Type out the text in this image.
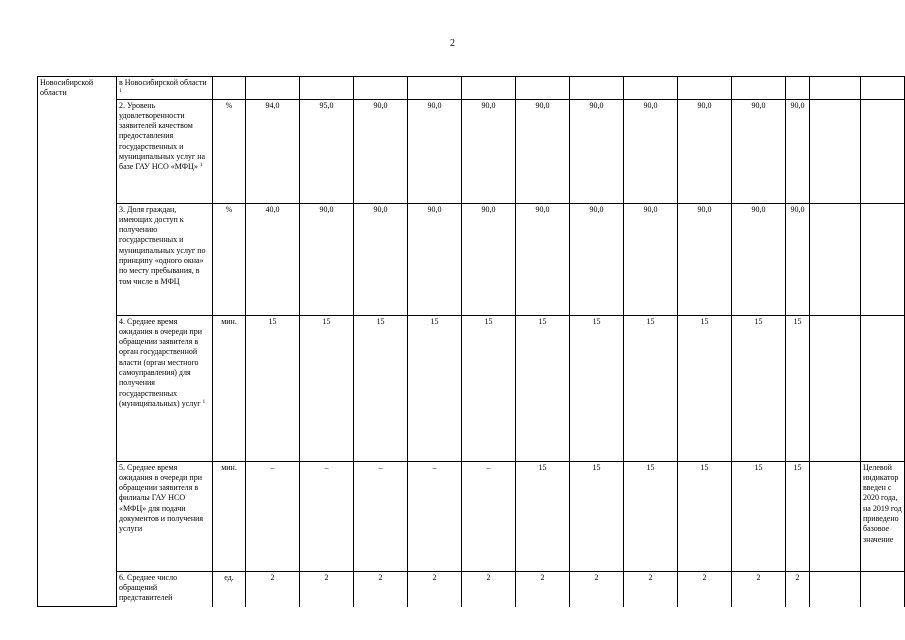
2
Новосибирской области	в Новосибирской области $^1$														
	2. Уровень удовлетворенности заявителей качеством предоставления государственных и муниципальных услуг на базе ГАУ НСО «МФЦ» $^1$	%	94,0	95,0	90,0	90,0	90,0	90,0	90,0	90,0	90,0	90,0	90,0		
	3. Доля граждан, имеющих доступ к получению государственных и муниципальных услуг по принципу «одного окна» по месту пребывания, в том числе в МФЦ	%	40,0	90,0	90,0	90,0	90,0	90,0	90,0	90,0	90,0	90,0	90,0		
	4. Среднее время ожидания в очереди при обращении заявителя в орган государственной власти (орган местного самоуправления) для получения государственных (муниципальных) услуг $^1$	мин.	15	15	15	15	15	15	15	15	15	15	15		
	5. Среднее время ожидания в очереди при обращении заявителя в филиалы ГАУ НСО «МФЦ» для подачи документов и получения услуги	мин.	–	–	–	–	–	15	15	15	15	15	15		Целевой индикатор введен с 2020 года, на 2019 год приведено базовое значение
	6. Среднее число обращений представителей	ед.	2	2	2	2	2	2	2	2	2	2	2		
